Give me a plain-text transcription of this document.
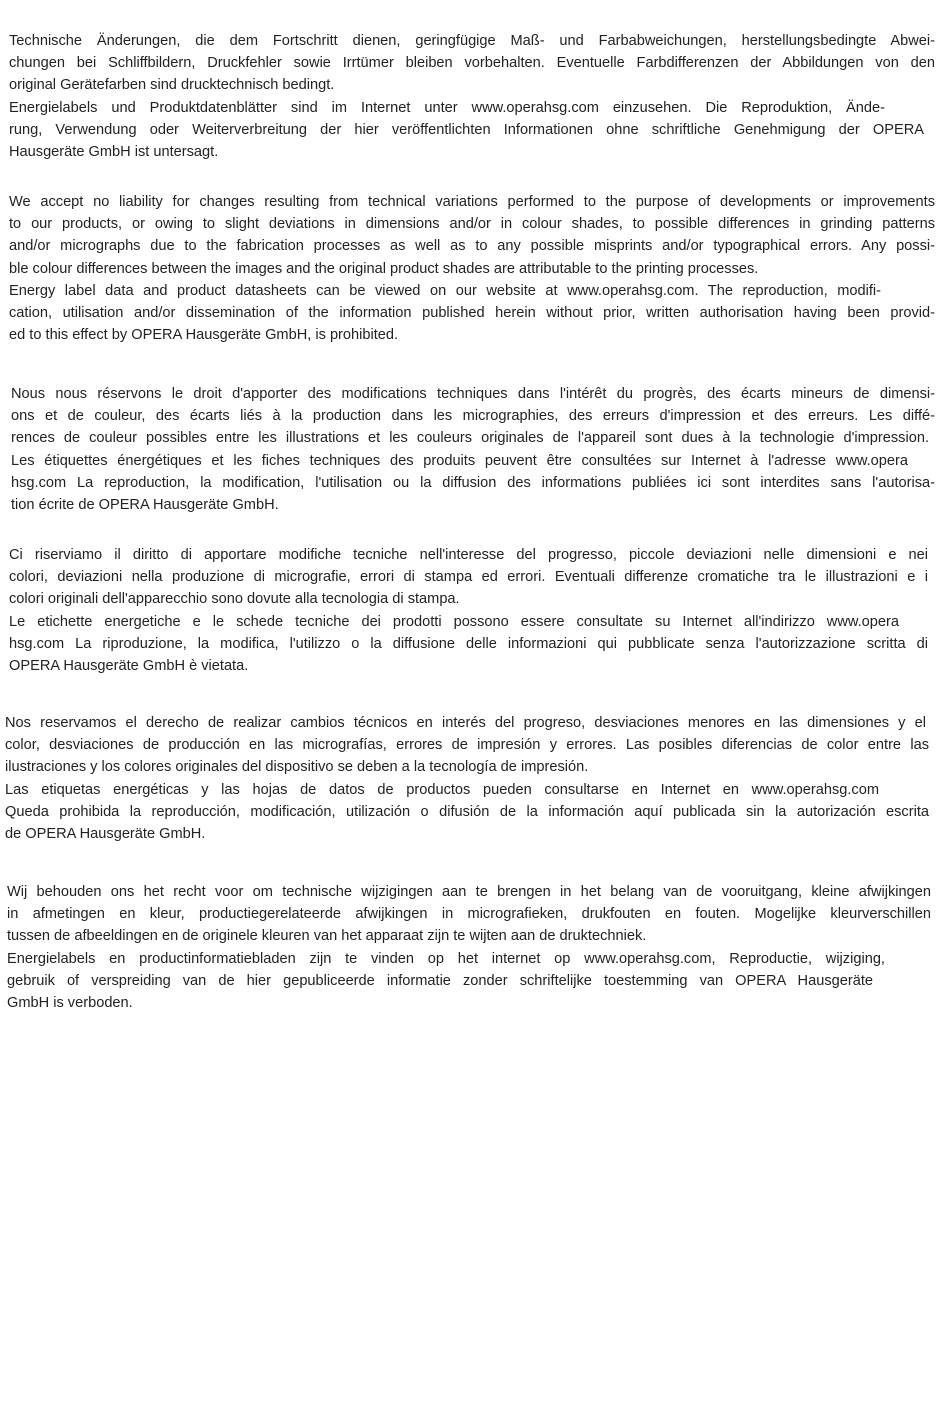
Technische Änderungen, die dem Fortschritt dienen, geringfügige Maß- und Farbabweichungen, herstellungsbedingte Abwei-
chungen bei Schliffbildern, Druckfehler sowie Irrtümer bleiben vorbehalten. Eventuelle Farbdifferenzen der Abbildungen von den
original Gerätefarben sind drucktechnisch bedingt.
Energielabels und Produktdatenblätter sind im Internet unter www.operahsg.com einzusehen. Die Reproduktion, Ände-
rung, Verwendung oder Weiterverbreitung der hier veröffentlichten Informationen ohne schriftliche Genehmigung der OPERA
Hausgeräte GmbH ist untersagt.

We accept no liability for changes resulting from technical variations performed to the purpose of developments or improvements
to our products, or owing to slight deviations in dimensions and/or in colour shades, to possible differences in grinding patterns
and/or micrographs due to the fabrication processes as well as to any possible misprints and/or typographical errors. Any possi-
ble colour differences between the images and the original product shades are attributable to the printing processes.
Energy label data and product datasheets can be viewed on our website at www.operahsg.com. The reproduction, modifi-
cation, utilisation and/or dissemination of the information published herein without prior, written authorisation having been provid-
ed to this effect by OPERA Hausgeräte GmbH, is prohibited.

Nous nous réservons le droit d'apporter des modifications techniques dans l'intérêt du progrès, des écarts mineurs de dimensi-
ons et de couleur, des écarts liés à la production dans les micrographies, des erreurs d'impression et des erreurs. Les diffé-
rences de couleur possibles entre les illustrations et les couleurs originales de l'appareil sont dues à la technologie d'impression.
Les étiquettes énergétiques et les fiches techniques des produits peuvent être consultées sur Internet à l'adresse www.opera
hsg.com La reproduction, la modification, l'utilisation ou la diffusion des informations publiées ici sont interdites sans l'autorisa-
tion écrite de OPERA Hausgeräte GmbH.

Ci riserviamo il diritto di apportare modifiche tecniche nell'interesse del progresso, piccole deviazioni nelle dimensioni e nei
colori, deviazioni nella produzione di micrografie, errori di stampa ed errori. Eventuali differenze cromatiche tra le illustrazioni e i
colori originali dell'apparecchio sono dovute alla tecnologia di stampa.
Le etichette energetiche e le schede tecniche dei prodotti possono essere consultate su Internet all'indirizzo www.opera
hsg.com La riproduzione, la modifica, l'utilizzo o la diffusione delle informazioni qui pubblicate senza l'autorizzazione scritta di
OPERA Hausgeräte GmbH è vietata.

Nos reservamos el derecho de realizar cambios técnicos en interés del progreso, desviaciones menores en las dimensiones y el
color, desviaciones de producción en las micrografías, errores de impresión y errores. Las posibles diferencias de color entre las
ilustraciones y los colores originales del dispositivo se deben a la tecnología de impresión.
Las etiquetas energéticas y las hojas de datos de productos pueden consultarse en Internet en www.operahsg.com
Queda prohibida la reproducción, modificación, utilización o difusión de la información aquí publicada sin la autorización escrita
de OPERA Hausgeräte GmbH.

Wij behouden ons het recht voor om technische wijzigingen aan te brengen in het belang van de vooruitgang, kleine afwijkingen
in afmetingen en kleur, productiegerelateerde afwijkingen in micrografieken, drukfouten en fouten. Mogelijke kleurverschillen
tussen de afbeeldingen en de originele kleuren van het apparaat zijn te wijten aan de druktechniek.
Energielabels en productinformatiebladen zijn te vinden op het internet op www.operahsg.com, Reproductie, wijziging,
gebruik of verspreiding van de hier gepubliceerde informatie zonder schriftelijke toestemming van OPERA Hausgeräte
GmbH is verboden.
